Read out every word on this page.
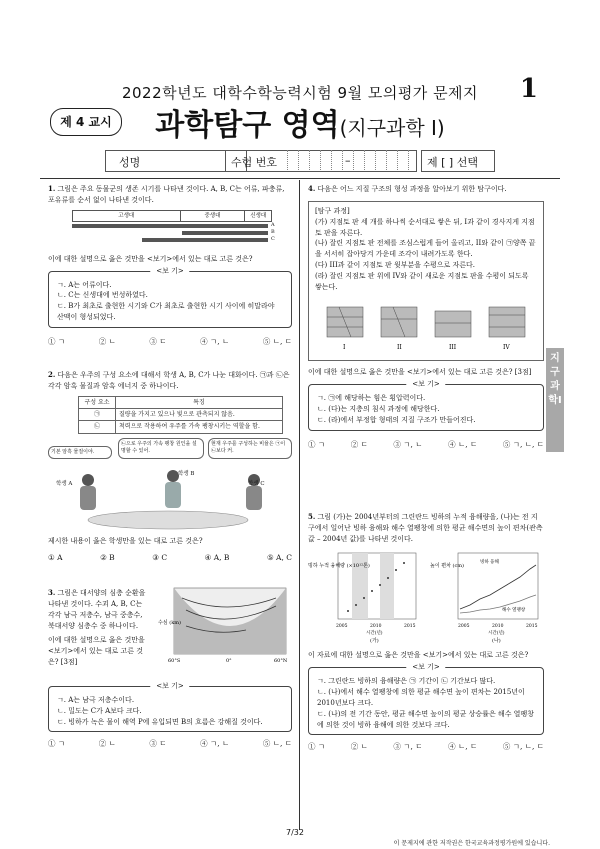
2022학년도 대학수학능력시험 9월 모의평가 문제지	1
제 4 교시	과학탐구 영역(지구과학 I)
성명	수험 번호	–	제 [ ] 선택
지구과학I
1. 그림은 주요 동물군의 생존 시기를 나타낸 것이다. A, B, C는 어류, 파충류, 포유류를 순서 없이 나타낸 것이다.
고생대	중생대	신생대
A
B
C
이에 대한 설명으로 옳은 것만을 <보기>에서 있는 대로 고른 것은?
<보 기>
ㄱ. A는 어류이다.
ㄴ. C는 신생대에 번성하였다.
ㄷ. B가 최초로 출현한 시기와 C가 최초로 출현한 시기 사이에 히말라야 산맥이 형성되었다.
① ㄱ	② ㄴ	③ ㄷ	④ ㄱ, ㄴ	⑤ ㄴ, ㄷ
2. 다음은 우주의 구성 요소에 대해서 학생 A, B, C가 나눈 대화이다. ㉠과 ㉡은 각각 암흑 물질과 암흑 에너지 중 하나이다.
구성 요소	특징
㉠	질량을 가지고 있으나 빛으로 관측되지 않음.
㉡	척력으로 작용하여 우주를 가속 팽창시키는 역할을 함.
기본 암흑 물질이야.
㉡으로 우주의 가속 팽창 원인을 설명할 수 있어.
현재 우주를 구성하는 비율은 ㉠이 ㉡보다 커.
학생 A
학생 B
학생 C
제시한 내용이 옳은 학생만을 있는 대로 고른 것은?
① A	② B	③ C	④ A, B	⑤ A, C
3. 그림은 대서양의 심층 순환을 나타낸 것이다. 수괴 A, B, C는 각각 남극 저층수, 남극 중층수, 북대서양 심층수 중 하나이다.
이에 대한 설명으로 옳은 것만을 <보기>에서 있는 대로 고른 것은? [3점]
수심 (km)
60°S	0°	60°N
<보 기>
ㄱ. A는 남극 저층수이다.
ㄴ. 밀도는 C가 A보다 크다.
ㄷ. 빙하가 녹은 물이 해역 P에 유입되면 B의 흐름은 강해질 것이다.
① ㄱ	② ㄴ	③ ㄷ	④ ㄱ, ㄴ	⑤ ㄴ, ㄷ
4. 다음은 어느 지질 구조의 형성 과정을 알아보기 위한 탐구이다.
[탐구 과정]
(가) 지점토 판 세 개를 하나씩 순서대로 쌓은 뒤, I과 같이 경사지게 지점토 판을 자른다.
(나) 잘린 지점토 판 전체를 조심스럽게 들어 올리고, II와 같이 ㉠양쪽 끝을 서서히 잡아당겨 가운데 조각이 내려가도록 한다.
(다) III과 같이 지점토 판 윗부분을 수평으로 자른다.
(라) 잘린 지점토 판 위에 IV와 같이 새로운 지점토 판을 수평이 되도록 쌓는다.
I	II	III	IV
이에 대한 설명으로 옳은 것만을 <보기>에서 있는 대로 고른 것은? [3점]
<보 기>
ㄱ. ㉠에 해당하는 힘은 횡압력이다.
ㄴ. (다)는 지층의 침식 과정에 해당한다.
ㄷ. (라)에서 부정합 형태의 지질 구조가 만들어진다.
① ㄱ	② ㄷ	③ ㄱ, ㄴ	④ ㄴ, ㄷ	⑤ ㄱ, ㄴ, ㄷ
5. 그림 (가)는 2004년부터의 그린란드 빙하의 누적 융해량을, (나)는 전 지구에서 일어난 빙하 융해와 해수 열팽창에 의한 평균 해수면의 높이 편차(관측값 – 2004년 값)를 나타낸 것이다.
빙하 누적 융해량 (×10¹²톤)	높이 편차 (cm)
빙하 융해
해수 열팽창
2005	2010	2015	2005	2010	2015
시간(년)	시간(년)
(가)	(나)
이 자료에 대한 설명으로 옳은 것만을 <보기>에서 있는 대로 고른 것은?
<보 기>
ㄱ. 그린란드 빙하의 융해량은 ㉠ 기간이 ㉡ 기간보다 많다.
ㄴ. (나)에서 해수 열팽창에 의한 평균 해수면 높이 편차는 2015년이 2010년보다 크다.
ㄷ. (나)의 전 기간 동안, 평균 해수면 높이의 평균 상승률은 해수 열팽창에 의한 것이 빙하 융해에 의한 것보다 크다.
① ㄱ	② ㄴ	③ ㄱ, ㄷ	④ ㄴ, ㄷ	⑤ ㄱ, ㄴ, ㄷ
7/32
이 문제지에 관한 저작권은 한국교육과정평가원에 있습니다.
